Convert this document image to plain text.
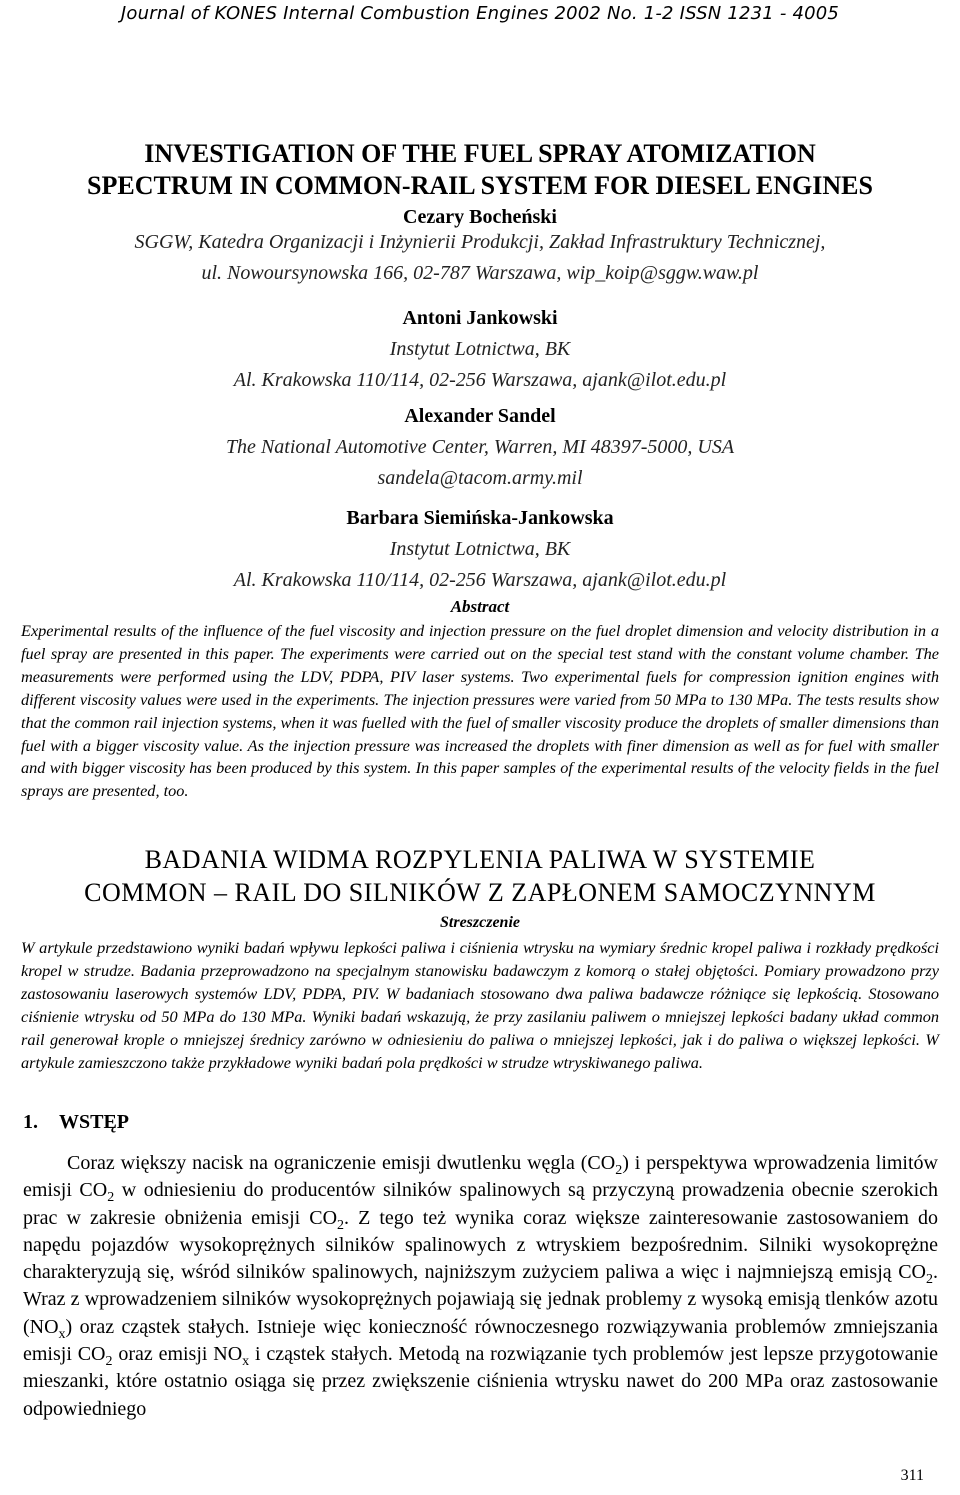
Journal of KONES Internal Combustion Engines 2002 No. 1-2 ISSN 1231 - 4005
INVESTIGATION OF THE FUEL SPRAY ATOMIZATION
SPECTRUM IN COMMON-RAIL SYSTEM FOR DIESEL ENGINES
Cezary Bocheński
SGGW, Katedra Organizacji i Inżynierii Produkcji, Zakład Infrastruktury Technicznej,
ul. Nowoursynowska 166, 02-787 Warszawa, wip_koip@sggw.waw.pl
Antoni Jankowski
Instytut Lotnictwa, BK
Al. Krakowska 110/114, 02-256 Warszawa, ajank@ilot.edu.pl
Alexander Sandel
The National Automotive Center, Warren, MI 48397-5000, USA
sandela@tacom.army.mil
Barbara Siemińska-Jankowska
Instytut Lotnictwa, BK
Al. Krakowska 110/114, 02-256 Warszawa, ajank@ilot.edu.pl
Abstract

Experimental results of the influence of the fuel viscosity and injection pressure on the fuel droplet dimension and velocity distribution in a fuel spray are presented in this paper. The experiments were carried out on the special test stand with the constant volume chamber. The measurements were performed using the LDV, PDPA, PIV laser systems. Two experimental fuels for compression ignition engines with different viscosity values were used in the experiments. The injection pressures were varied from 50 MPa to 130 MPa. The tests results show that the common rail injection systems, when it was fuelled with the fuel of smaller viscosity produce the droplets of smaller dimensions than fuel with a bigger viscosity value. As the injection pressure was increased the droplets with finer dimension as well as for fuel with smaller and with bigger viscosity has been produced by this system. In this paper samples of the experimental results of the velocity fields in the fuel sprays are presented, too.

BADANIA WIDMA ROZPYLENIA PALIWA W SYSTEMIE
COMMON – RAIL DO SILNIKÓW Z ZAPŁONEM SAMOCZYNNYM
Streszczenie

W artykule przedstawiono wyniki badań wpływu lepkości paliwa i ciśnienia wtrysku na wymiary średnic kropel paliwa i rozkłady prędkości kropel w strudze. Badania przeprowadzono na specjalnym stanowisku badawczym z komorą o stałej objętości. Pomiary prowadzono przy zastosowaniu laserowych systemów LDV, PDPA, PIV. W badaniach stosowano dwa paliwa badawcze różniące się lepkością. Stosowano ciśnienie wtrysku od 50 MPa do 130 MPa. Wyniki badań wskazują, że przy zasilaniu paliwem o mniejszej lepkości badany układ common rail generował krople o mniejszej średnicy zarówno w odniesieniu do paliwa o mniejszej lepkości, jak i do paliwa o większej lepkości. W artykule zamieszczono także przykładowe wyniki badań pola prędkości w strudze wtryskiwanego paliwa.

1. WSTĘP

Coraz większy nacisk na ograniczenie emisji dwutlenku węgla $(CO_2)$ i perspektywa wprowadzenia limitów emisji $CO_2$ w odniesieniu do producentów silników spalinowych są przyczyną prowadzenia obecnie szerokich prac w zakresie obniżenia emisji $CO_2$. Z tego też wynika coraz większe zainteresowanie zastosowaniem do napędu pojazdów wysokoprężnych silników spalinowych z wtryskiem bezpośrednim. Silniki wysokoprężne charakteryzują się, wśród silników spalinowych, najniższym zużyciem paliwa a więc i najmniejszą emisją $CO_2$. Wraz z wprowadzeniem silników wysokoprężnych pojawiają się jednak problemy z wysoką emisją tlenków azotu $(NO_x)$ oraz cząstek stałych. Istnieje więc konieczność równoczesnego rozwiązywania problemów zmniejszania emisji $CO_2$ oraz emisji $NO_x$ i cząstek stałych. Metodą na rozwiązanie tych problemów jest lepsze przygotowanie mieszanki, które ostatnio osiąga się przez zwiększenie ciśnienia wtrysku nawet do 200 MPa oraz zastosowanie odpowiedniego

311
